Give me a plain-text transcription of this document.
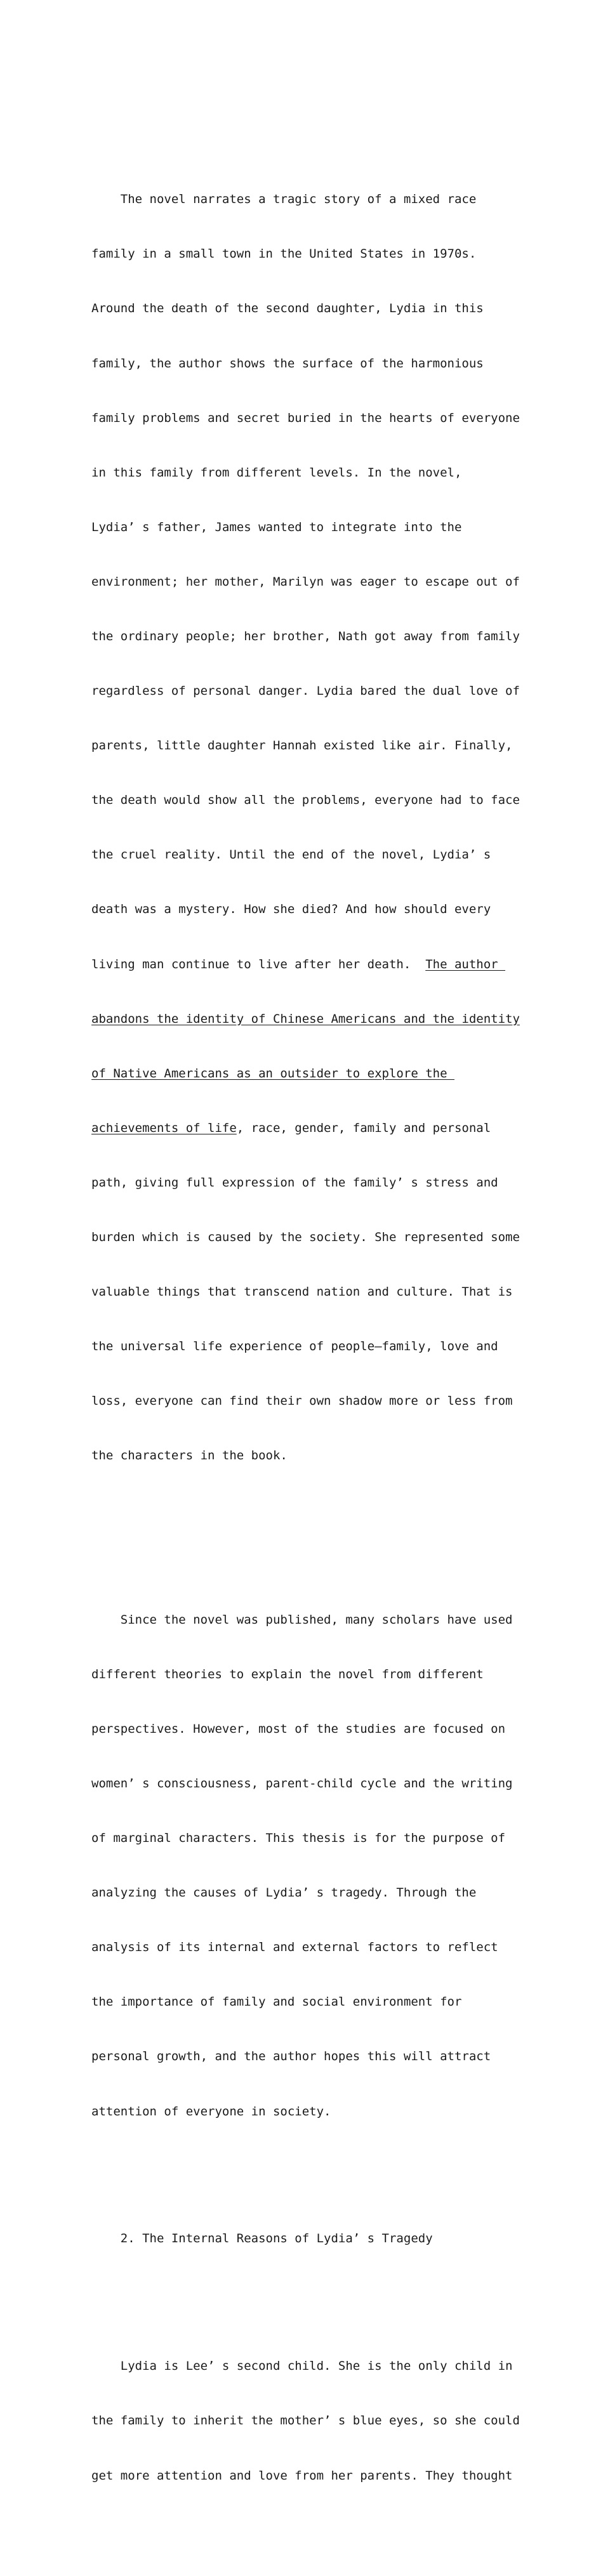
The novel narrates a tragic story of a mixed race

family in a small town in the United States in 1970s.

Around the death of the second daughter, Lydia in this

family, the author shows the surface of the harmonious

family problems and secret buried in the hearts of everyone

in this family from different levels. In the novel,

Lydia’ s father, James wanted to integrate into the

environment; her mother, Marilyn was eager to escape out of

the ordinary people; her brother, Nath got away from family

regardless of personal danger. Lydia bared the dual love of

parents, little daughter Hannah existed like air. Finally,

the death would show all the problems, everyone had to face

the cruel reality. Until the end of the novel, Lydia’ s

death was a mystery. How she died? And how should every

living man continue to live after her death.  The author

abandons the identity of Chinese Americans and the identity

of Native Americans as an outsider to explore the

achievements of life, race, gender, family and personal

path, giving full expression of the family’ s stress and

burden which is caused by the society. She represented some

valuable things that transcend nation and culture. That is

the universal life experience of people—family, love and

loss, everyone can find their own shadow more or less from

the characters in the book.

Since the novel was published, many scholars have used

different theories to explain the novel from different

perspectives. However, most of the studies are focused on

women’ s consciousness, parent-child cycle and the writing

of marginal characters. This thesis is for the purpose of

analyzing the causes of Lydia’ s tragedy. Through the

analysis of its internal and external factors to reflect

the importance of family and social environment for

personal growth, and the author hopes this will attract

attention of everyone in society.

2. The Internal Reasons of Lydia’ s Tragedy

Lydia is Lee’ s second child. She is the only child in

the family to inherit the mother’ s blue eyes, so she could

get more attention and love from her parents. They thought
